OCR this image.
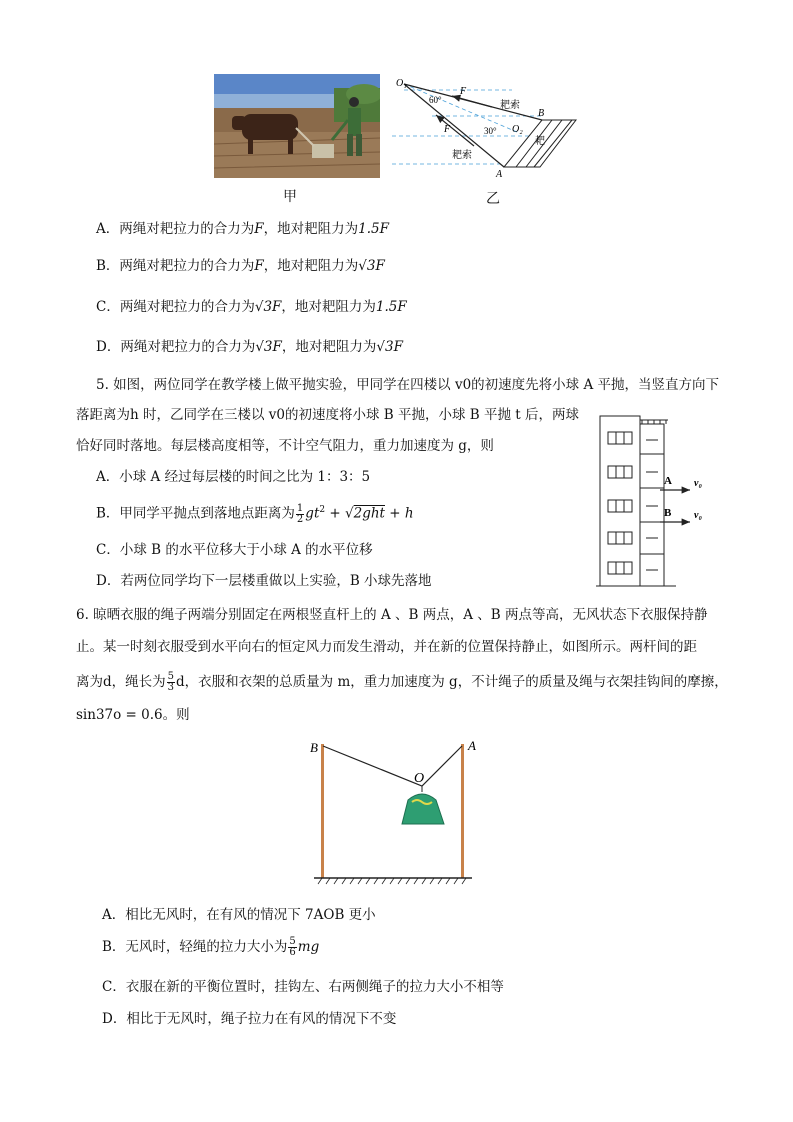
甲
O₁
60°
F
耙索
B
F	30° O₂
耙
耙索
A
乙
A．两绳对耙拉力的合力为F，地对耙阻力为1.5F
B．两绳对耙拉力的合力为F，地对耙阻力为√3F
C．两绳对耙拉力的合力为√3F，地对耙阻力为1.5F
D．两绳对耙拉力的合力为√3F，地对耙阻力为√3F
5. 如图，两位同学在教学楼上做平抛实验，甲同学在四楼以 v0的初速度先将小球 A 平抛，当竖直方向下
落距离为h 时，乙同学在三楼以 v0的初速度将小球 B 平抛，小球 B 平抛 t 后，两球
恰好同时落地。每层楼高度相等，不计空气阻力，重力加速度为 g，则
A．小球 A 经过每层楼的时间之比为 1：3：5
B．甲同学平抛点到落地点距离为 $\frac{1}{2} gt^2 + √2ght + h$
C．小球 B 的水平位移大于小球 A 的水平位移
D．若两位同学均下一层楼重做以上实验，B 小球先落地
A
B
v₀
v₀
6. 晾晒衣服的绳子两端分别固定在两根竖直杆上的 A 、B 两点，A 、B 两点等高，无风状态下衣服保持静
止。某一时刻衣服受到水平向右的恒定风力而发生滑动，并在新的位置保持静止，如图所示。两杆间的距
离为d，绳长为 $\frac{5}{3}$ d，衣服和衣架的总质量为 m，重力加速度为 g，不计绳子的质量及绳与衣架挂钩间的摩擦，
sin37o = 0.6。则
B	A
O
A．相比无风时，在有风的情况下 7AOB 更小
B．无风时，轻绳的拉力大小为 $\frac{5}{6}$ mg
C．衣服在新的平衡位置时，挂钩左、右两侧绳子的拉力大小不相等
D．相比于无风时，绳子拉力在有风的情况下不变
